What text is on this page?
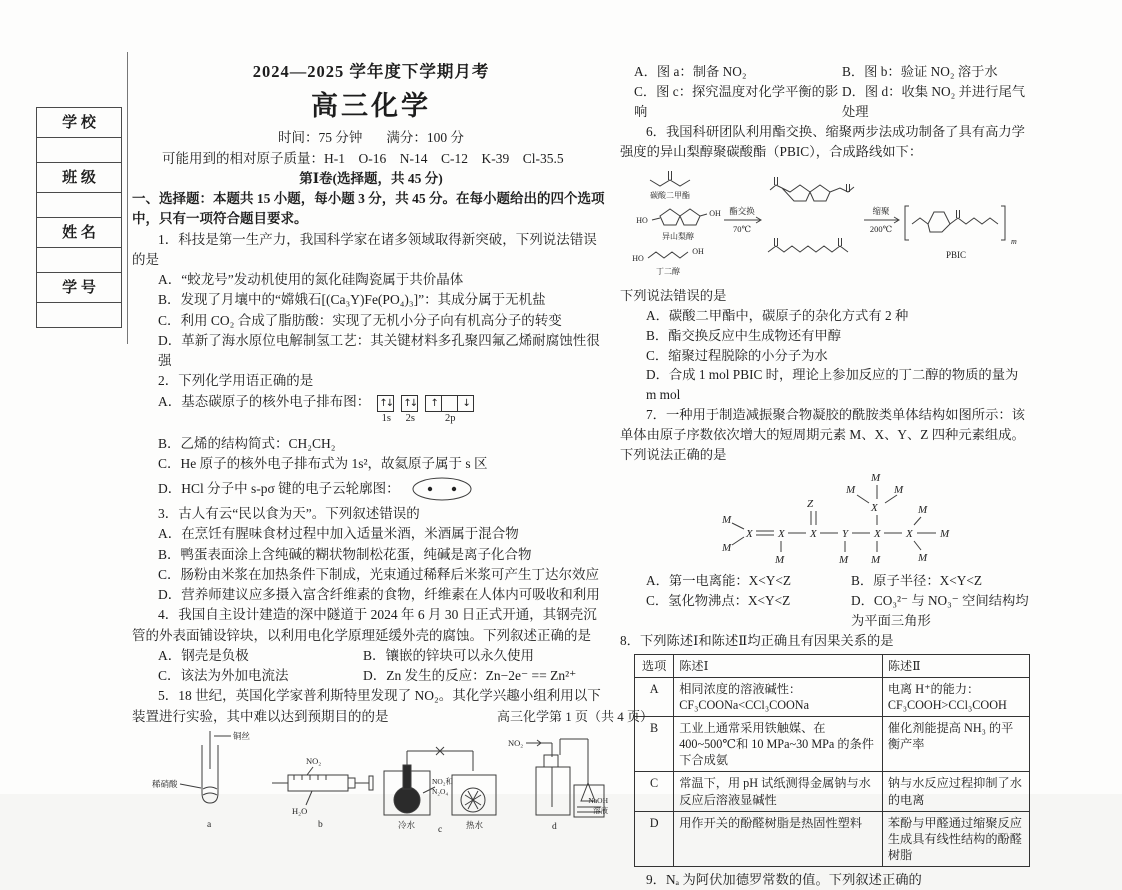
学 校
班 级
姓 名
学 号
2024—2025 学年度下学期月考
高三化学
时间：75 分钟 满分：100 分
可能用到的相对原子质量：H-1　O-16　N-14　C-12　K-39　Cl-35.5
第Ⅰ卷(选择题，共 45 分)
一、选择题：本题共 15 小题，每小题 3 分，共 45 分。在每小题给出的四个选项中，只有一项符合题目要求。
1．科技是第一生产力，我国科学家在诸多领域取得新突破，下列说法错误的是
A．“蛟龙号”发动机使用的氮化硅陶瓷属于共价晶体
B．发现了月壤中的“嫦娥石[(Ca₃Y)Fe(PO₄)₃]”：其成分属于无机盐
C．利用 CO₂ 合成了脂肪酸：实现了无机小分子向有机高分子的转变
D．革新了海水原位电解制氢工艺：其关键材料多孔聚四氟乙烯耐腐蚀性很强
2．下列化学用语正确的是
A．基态碳原子的核外电子排布图： ↑↓
1s
↑↓
2s
↑	↓
2p
B．乙烯的结构简式：CH₂CH₂
C．He 原子的核外电子排布式为 1s²，故氦原子属于 s 区
D．HCl 分子中 s-pσ 键的电子云轮廓图：
3．古人有云“民以食为天”。下列叙述错误的
A．在烹饪有腥味食材过程中加入适量米酒，米酒属于混合物
B．鸭蛋表面涂上含纯碱的糊状物制松花蛋，纯碱是离子化合物
C．肠粉由米浆在加热条件下制成，光束通过稀释后米浆可产生丁达尔效应
D．营养师建议应多摄入富含纤维素的食物，纤维素在人体内可吸收和利用
4．我国自主设计建造的深中隧道于 2024 年 6 月 30 日正式开通，其钢壳沉管的外表面铺设锌块，以利用电化学原理延缓外壳的腐蚀。下列叙述正确的是
A．钢壳是负极	B．镶嵌的锌块可以永久使用
C．该法为外加电流法	D．Zn 发生的反应：Zn−2e⁻ == Zn²⁺
5．18 世纪，英国化学家普利斯特里发现了 NO₂。其化学兴趣小组利用以下装置进行实验，其中难以达到预期目的的是
铜丝
稀硝酸
a
NO₂
H₂O
b
NO₂和
N₂O₄
冷水	热水
c
NO₂
NaOH
溶液
d
A．图 a：制备 NO₂	B．图 b：验证 NO₂ 溶于水
C．图 c：探究温度对化学平衡的影响
D．图 d：收集 NO₂ 并进行尾气处理
6．我国科研团队利用酯交换、缩聚两步法成功制备了具有高力学强度的异山梨醇聚碳酸酯（PBIC），合成路线如下：
碳酸二甲酯
HO
OH
异山梨醇
HO
OH
丁二醇
酯交换
70℃
缩聚
200℃
m
PBIC
下列说法错误的是
A．碳酸二甲酯中，碳原子的杂化方式有 2 种
B．酯交换反应中生成物还有甲醇
C．缩聚过程脱除的小分子为水
D．合成 1 mol PBIC 时，理论上参加反应的丁二醇的物质的量为 m mol
7．一种用于制造减振聚合物凝胶的酰胺类单体结构如图所示：该单体由原子序数依次增大的短周期元素 M、X、Y、Z 四种元素组成。下列说法正确的是
M
M
X X
M
X
Z
Y
M
X
M
X
M
M	M
X
M
M
M
A．第一电离能：X<Y<Z	B．原子半径：X<Y<Z
C．氢化物沸点：X<Y<Z	D．CO₃²⁻ 与 NO₃⁻ 空间结构均为平面三角形
8．下列陈述Ⅰ和陈述Ⅱ均正确且有因果关系的是
选项	陈述Ⅰ	陈述Ⅱ
A	相同浓度的溶液碱性：CF₃COONa<CCl₃COONa	电离 H⁺的能力：CF₃COOH>CCl₃COOH
B	工业上通常采用铁触媒、在 400~500℃和 10 MPa~30 MPa 的条件下合成氨	催化剂能提高 NH₃ 的平衡产率
C	常温下，用 pH 试纸测得金属钠与水反应后溶液显碱性	钠与水反应过程抑制了水的电离
D	用作开关的酚醛树脂是热固性塑料	苯酚与甲醛通过缩聚反应生成具有线性结构的酚醛树脂
9．Nₐ 为阿伏加德罗常数的值。下列叙述正确的
高三化学第 1 页（共 4 页）
